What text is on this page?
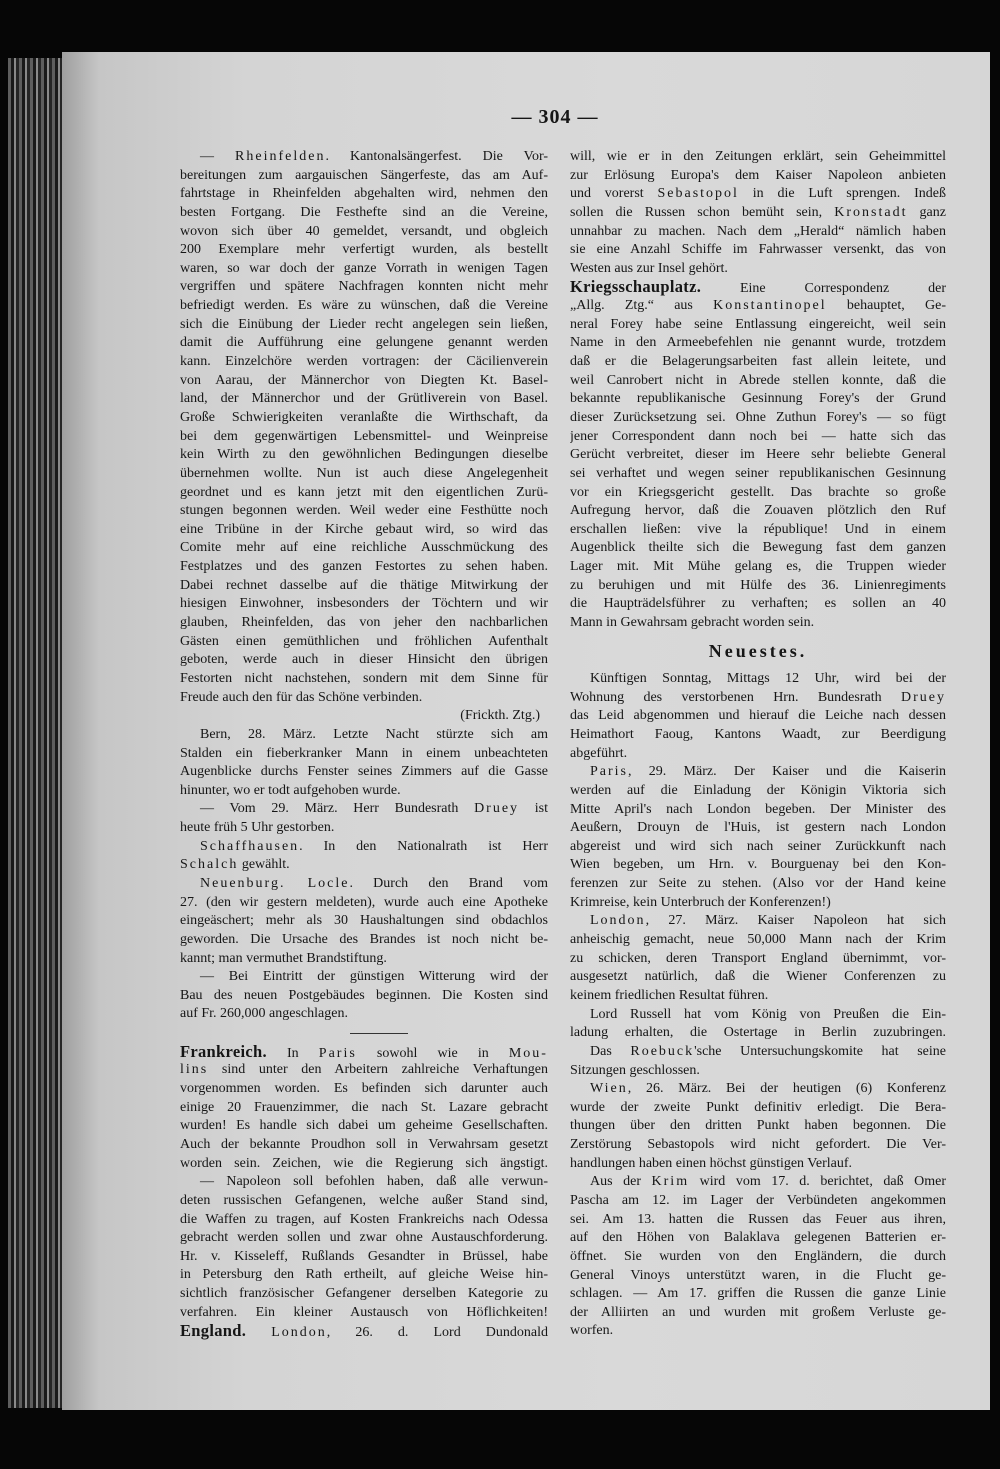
— 304 —
— Rheinfelden. Kantonalsängerfest. Die Vor-
bereitungen zum aargauischen Sängerfeste, das am Auf-
fahrtstage in Rheinfelden abgehalten wird, nehmen den
besten Fortgang. Die Festhefte sind an die Vereine,
wovon sich über 40 gemeldet, versandt, und obgleich
200 Exemplare mehr verfertigt wurden, als bestellt
waren, so war doch der ganze Vorrath in wenigen Tagen
vergriffen und spätere Nachfragen konnten nicht mehr
befriedigt werden. Es wäre zu wünschen, daß die Vereine
sich die Einübung der Lieder recht angelegen sein ließen,
damit die Aufführung eine gelungene genannt werden
kann. Einzelchöre werden vortragen: der Cäcilienverein
von Aarau, der Männerchor von Diegten Kt. Basel-
land, der Männerchor und der Grütliverein von Basel.
Große Schwierigkeiten veranlaßte die Wirthschaft, da
bei dem gegenwärtigen Lebensmittel- und Weinpreise
kein Wirth zu den gewöhnlichen Bedingungen dieselbe
übernehmen wollte. Nun ist auch diese Angelegenheit
geordnet und es kann jetzt mit den eigentlichen Zurü-
stungen begonnen werden. Weil weder eine Festhütte noch
eine Tribüne in der Kirche gebaut wird, so wird das
Comite mehr auf eine reichliche Ausschmückung des
Festplatzes und des ganzen Festortes zu sehen haben.
Dabei rechnet dasselbe auf die thätige Mitwirkung der
hiesigen Einwohner, insbesonders der Töchtern und wir
glauben, Rheinfelden, das von jeher den nachbarlichen
Gästen einen gemüthlichen und fröhlichen Aufenthalt
geboten, werde auch in dieser Hinsicht den übrigen
Festorten nicht nachstehen, sondern mit dem Sinne für
Freude auch den für das Schöne verbinden.
(Frickth. Ztg.)
Bern, 28. März. Letzte Nacht stürzte sich am
Stalden ein fieberkranker Mann in einem unbeachteten
Augenblicke durchs Fenster seines Zimmers auf die Gasse
hinunter, wo er todt aufgehoben wurde.
— Vom 29. März. Herr Bundesrath Druey ist
heute früh 5 Uhr gestorben.
Schaffhausen. In den Nationalrath ist Herr
Schalch gewählt.
Neuenburg. Locle. Durch den Brand vom
27. (den wir gestern meldeten), wurde auch eine Apotheke
eingeäschert; mehr als 30 Haushaltungen sind obdachlos
geworden. Die Ursache des Brandes ist noch nicht be-
kannt; man vermuthet Brandstiftung.
— Bei Eintritt der günstigen Witterung wird der
Bau des neuen Postgebäudes beginnen. Die Kosten sind
auf Fr. 260,000 angeschlagen.
Frankreich. In Paris sowohl wie in Mou-
lins sind unter den Arbeitern zahlreiche Verhaftungen
vorgenommen worden. Es befinden sich darunter auch
einige 20 Frauenzimmer, die nach St. Lazare gebracht
wurden! Es handle sich dabei um geheime Gesellschaften.
Auch der bekannte Proudhon soll in Verwahrsam gesetzt
worden sein. Zeichen, wie die Regierung sich ängstigt.
— Napoleon soll befohlen haben, daß alle verwun-
deten russischen Gefangenen, welche außer Stand sind,
die Waffen zu tragen, auf Kosten Frankreichs nach Odessa
gebracht werden sollen und zwar ohne Austauschforderung.
Hr. v. Kisseleff, Rußlands Gesandter in Brüssel, habe
in Petersburg den Rath ertheilt, auf gleiche Weise hin-
sichtlich französischer Gefangener derselben Kategorie zu
verfahren. Ein kleiner Austausch von Höflichkeiten!
England. London, 26. d. Lord Dundonald
will, wie er in den Zeitungen erklärt, sein Geheimmittel
zur Erlösung Europa's dem Kaiser Napoleon anbieten
und vorerst Sebastopol in die Luft sprengen. Indeß
sollen die Russen schon bemüht sein, Kronstadt ganz
unnahbar zu machen. Nach dem „Herald“ nämlich haben
sie eine Anzahl Schiffe im Fahrwasser versenkt, das von
Westen aus zur Insel gehört.
Kriegsschauplatz. Eine Correspondenz der
„Allg. Ztg.“ aus Konstantinopel behauptet, Ge-
neral Forey habe seine Entlassung eingereicht, weil sein
Name in den Armeebefehlen nie genannt wurde, trotzdem
daß er die Belagerungsarbeiten fast allein leitete, und
weil Canrobert nicht in Abrede stellen konnte, daß die
bekannte republikanische Gesinnung Forey's der Grund
dieser Zurücksetzung sei. Ohne Zuthun Forey's — so fügt
jener Correspondent dann noch bei — hatte sich das
Gerücht verbreitet, dieser im Heere sehr beliebte General
sei verhaftet und wegen seiner republikanischen Gesinnung
vor ein Kriegsgericht gestellt. Das brachte so große
Aufregung hervor, daß die Zouaven plötzlich den Ruf
erschallen ließen: vive la république! Und in einem
Augenblick theilte sich die Bewegung fast dem ganzen
Lager mit. Mit Mühe gelang es, die Truppen wieder
zu beruhigen und mit Hülfe des 36. Linienregiments
die Haupträdelsführer zu verhaften; es sollen an 40
Mann in Gewahrsam gebracht worden sein.
Neuestes.
Künftigen Sonntag, Mittags 12 Uhr, wird bei der
Wohnung des verstorbenen Hrn. Bundesrath Druey
das Leid abgenommen und hierauf die Leiche nach dessen
Heimathort Faoug, Kantons Waadt, zur Beerdigung
abgeführt.
Paris, 29. März. Der Kaiser und die Kaiserin
werden auf die Einladung der Königin Viktoria sich
Mitte April's nach London begeben. Der Minister des
Aeußern, Drouyn de l'Huis, ist gestern nach London
abgereist und wird sich nach seiner Zurückkunft nach
Wien begeben, um Hrn. v. Bourguenay bei den Kon-
ferenzen zur Seite zu stehen. (Also vor der Hand keine
Krimreise, kein Unterbruch der Konferenzen!)
London, 27. März. Kaiser Napoleon hat sich
anheischig gemacht, neue 50,000 Mann nach der Krim
zu schicken, deren Transport England übernimmt, vor-
ausgesetzt natürlich, daß die Wiener Conferenzen zu
keinem friedlichen Resultat führen.
Lord Russell hat vom König von Preußen die Ein-
ladung erhalten, die Ostertage in Berlin zuzubringen.
Das Roebuck'sche Untersuchungskomite hat seine
Sitzungen geschlossen.
Wien, 26. März. Bei der heutigen (6) Konferenz
wurde der zweite Punkt definitiv erledigt. Die Bera-
thungen über den dritten Punkt haben begonnen. Die
Zerstörung Sebastopols wird nicht gefordert. Die Ver-
handlungen haben einen höchst günstigen Verlauf.
Aus der Krim wird vom 17. d. berichtet, daß Omer
Pascha am 12. im Lager der Verbündeten angekommen
sei. Am 13. hatten die Russen das Feuer aus ihren,
auf den Höhen von Balaklava gelegenen Batterien er-
öffnet. Sie wurden von den Engländern, die durch
General Vinoys unterstützt waren, in die Flucht ge-
schlagen. — Am 17. griffen die Russen die ganze Linie
der Alliirten an und wurden mit großem Verluste ge-
worfen.
